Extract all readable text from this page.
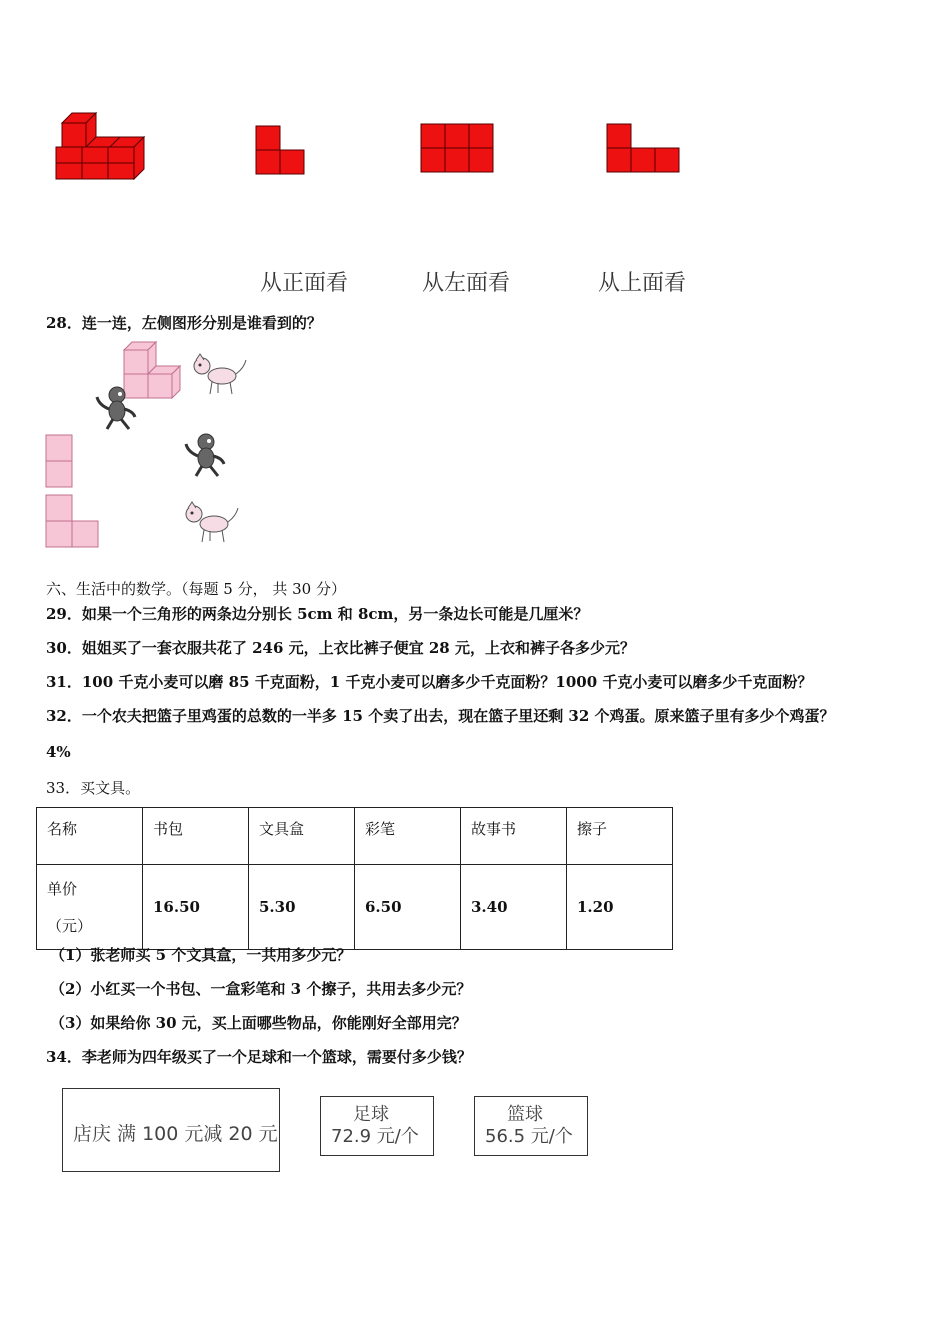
从正面看	从左面看	从上面看
28．连一连，左侧图形分别是谁看到的？
六、生活中的数学。（每题 5 分， 共 30 分）
29．如果一个三角形的两条边分别长 5cm 和 8cm，另一条边长可能是几厘米？
30．姐姐买了一套衣服共花了 246 元，上衣比裤子便宜 28 元，上衣和裤子各多少元？
31．100 千克小麦可以磨 85 千克面粉，1 千克小麦可以磨多少千克面粉？1000 千克小麦可以磨多少千克面粉？
32．一个农夫把篮子里鸡蛋的总数的一半多 15 个卖了出去，现在篮子里还剩 32 个鸡蛋。原来篮子里有多少个鸡蛋？
4%
33．买文具。
名称	书包	文具盒	彩笔	故事书	擦子

单价
（元）	16.50	5.30	6.50	3.40	1.20
（1）张老师买 5 个文具盒，一共用多少元？
（2）小红买一个书包、一盒彩笔和 3 个擦子，共用去多少元？
（3）如果给你 30 元，买上面哪些物品，你能刚好全部用完？
34．李老师为四年级买了一个足球和一个篮球，需要付多少钱？
店庆 满 100 元减 20 元
足球
72.9 元/个
篮球
56.5 元/个
